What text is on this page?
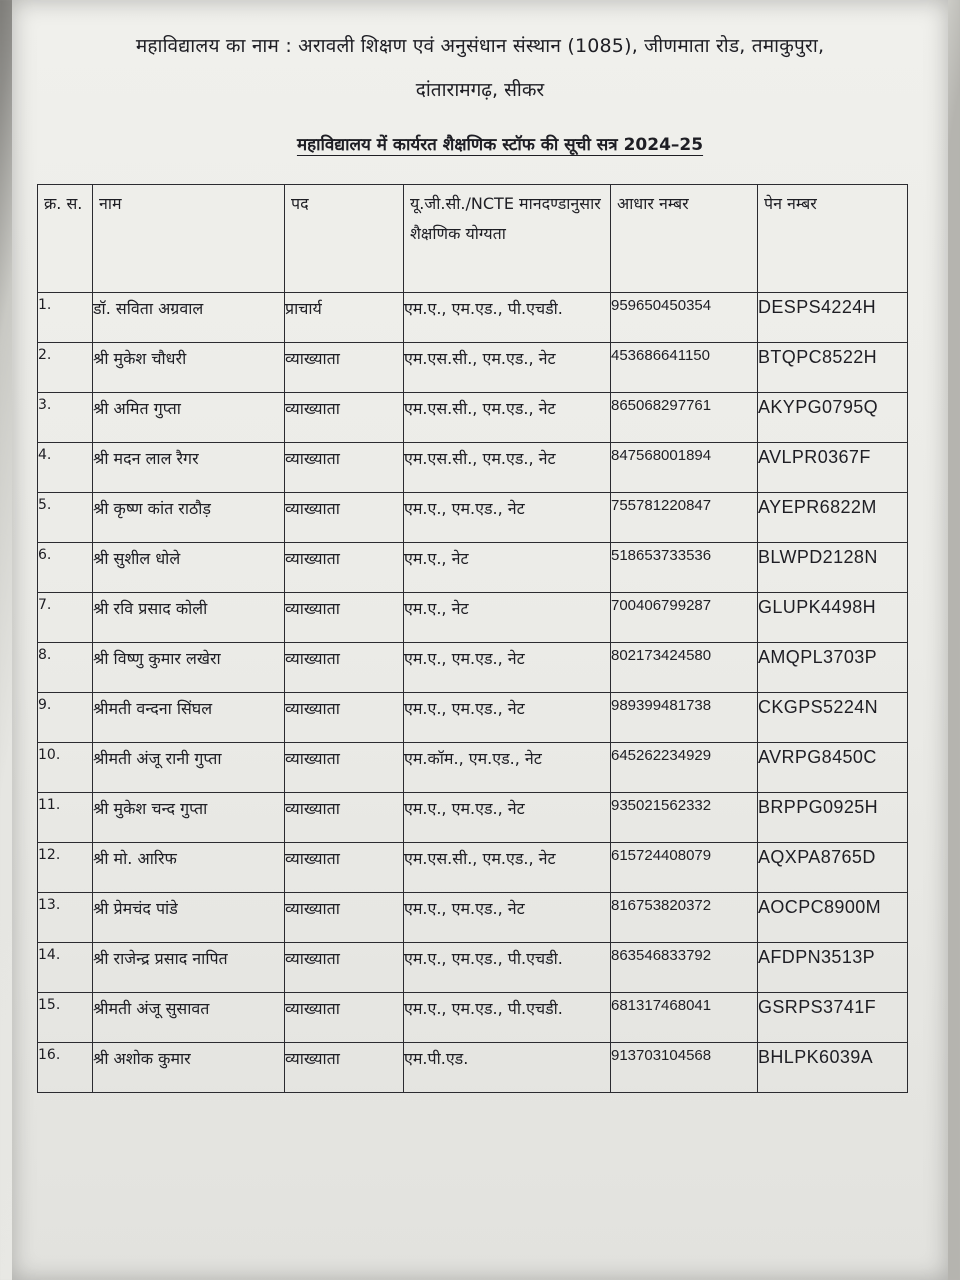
महाविद्यालय का नाम : अरावली शिक्षण एवं अनुसंधान संस्थान (1085), जीणमाता रोड, तमाकुपुरा,
दांतारामगढ़, सीकर
महाविद्यालय में कार्यरत शैक्षणिक स्टॉफ की सूची सत्र 2024–25
क्र. स.	नाम	पद	यू.जी.सी./NCTE मानदण्डानुसार शैक्षणिक योग्यता	आधार नम्बर	पेन नम्बर
1.	डॉ. सविता अग्रवाल	प्राचार्य	एम.ए., एम.एड., पी.एचडी.	959650450354	DESPS4224H
2.	श्री मुकेश चौधरी	व्याख्याता	एम.एस.सी., एम.एड., नेट	453686641150	BTQPC8522H
3.	श्री अमित गुप्ता	व्याख्याता	एम.एस.सी., एम.एड., नेट	865068297761	AKYPG0795Q
4.	श्री मदन लाल रैगर	व्याख्याता	एम.एस.सी., एम.एड., नेट	847568001894	AVLPR0367F
5.	श्री कृष्ण कांत राठौड़	व्याख्याता	एम.ए., एम.एड., नेट	755781220847	AYEPR6822M
6.	श्री सुशील धोले	व्याख्याता	एम.ए., नेट	518653733536	BLWPD2128N
7.	श्री रवि प्रसाद कोली	व्याख्याता	एम.ए., नेट	700406799287	GLUPK4498H
8.	श्री विष्णु कुमार लखेरा	व्याख्याता	एम.ए., एम.एड., नेट	802173424580	AMQPL3703P
9.	श्रीमती वन्दना सिंघल	व्याख्याता	एम.ए., एम.एड., नेट	989399481738	CKGPS5224N
10.	श्रीमती अंजू रानी गुप्ता	व्याख्याता	एम.कॉम., एम.एड., नेट	645262234929	AVRPG8450C
11.	श्री मुकेश चन्द गुप्ता	व्याख्याता	एम.ए., एम.एड., नेट	935021562332	BRPPG0925H
12.	श्री मो. आरिफ	व्याख्याता	एम.एस.सी., एम.एड., नेट	615724408079	AQXPA8765D
13.	श्री प्रेमचंद पांडे	व्याख्याता	एम.ए., एम.एड., नेट	816753820372	AOCPC8900M
14.	श्री राजेन्द्र प्रसाद नापित	व्याख्याता	एम.ए., एम.एड., पी.एचडी.	863546833792	AFDPN3513P
15.	श्रीमती अंजू सुसावत	व्याख्याता	एम.ए., एम.एड., पी.एचडी.	681317468041	GSRPS3741F
16.	श्री अशोक कुमार	व्याख्याता	एम.पी.एड.	913703104568	BHLPK6039A
